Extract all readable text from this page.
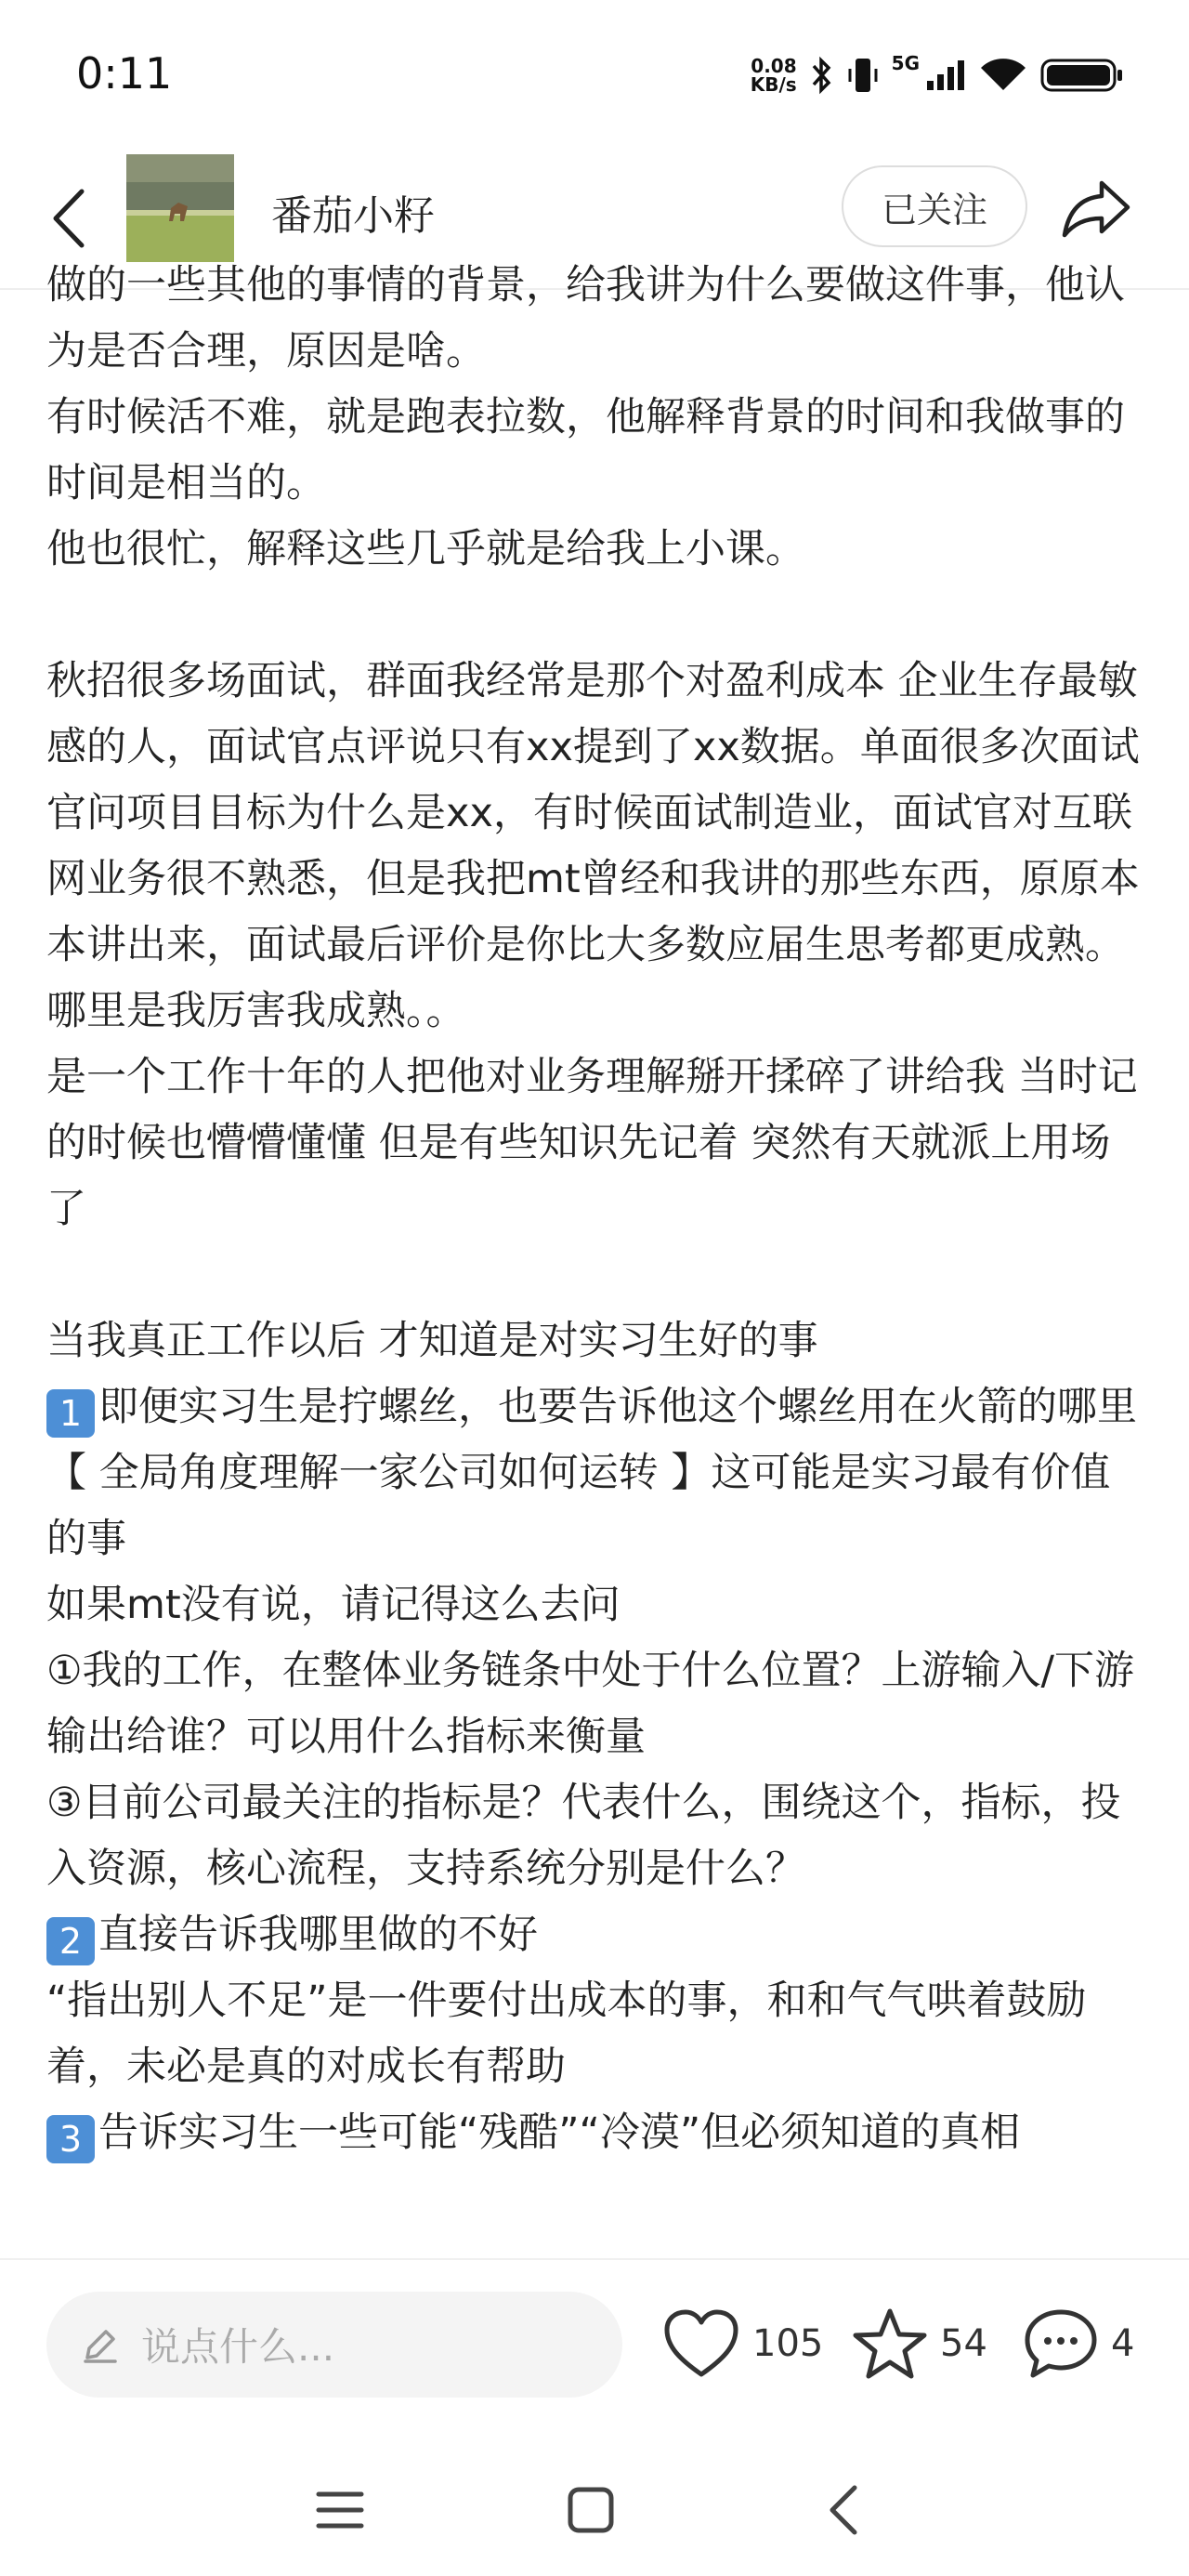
0:11	0.08
KB/s
5G
番茄小籽	已关注

做的一些其他的事情的背景，给我讲为什么要做这件事，他认为是否合理，原因是啥。

有时候活不难，就是跑表拉数，他解释背景的时间和我做事的时间是相当的。

他也很忙，解释这些几乎就是给我上小课。

秋招很多场面试，群面我经常是那个对盈利成本 企业生存最敏感的人，面试官点评说只有xx提到了xx数据。单面很多次面试官问项目目标为什么是xx，有时候面试制造业，面试官对互联网业务很不熟悉，但是我把mt曾经和我讲的那些东西，原原本本讲出来，面试最后评价是你比大多数应届生思考都更成熟。

哪里是我厉害我成熟。。

是一个工作十年的人把他对业务理解掰开揉碎了讲给我 当时记的时候也懵懵懂懂 但是有些知识先记着 突然有天就派上用场了

当我真正工作以后 才知道是对实习生好的事

1 即便实习生是拧螺丝，也要告诉他这个螺丝用在火箭的哪里

【 全局角度理解一家公司如何运转 】这可能是实习最有价值的事

如果mt没有说，请记得这么去问

①我的工作，在整体业务链条中处于什么位置？上游输入/下游输出给谁？可以用什么指标来衡量

③目前公司最关注的指标是？代表什么，围绕这个，指标，投入资源，核心流程，支持系统分别是什么？

2 直接告诉我哪里做的不好

“指出别人不足”是一件要付出成本的事，和和气气哄着鼓励着，未必是真的对成长有帮助

3 告诉实习生一些可能“残酷”“冷漠”但必须知道的真相

说点什么...	105	54	4
